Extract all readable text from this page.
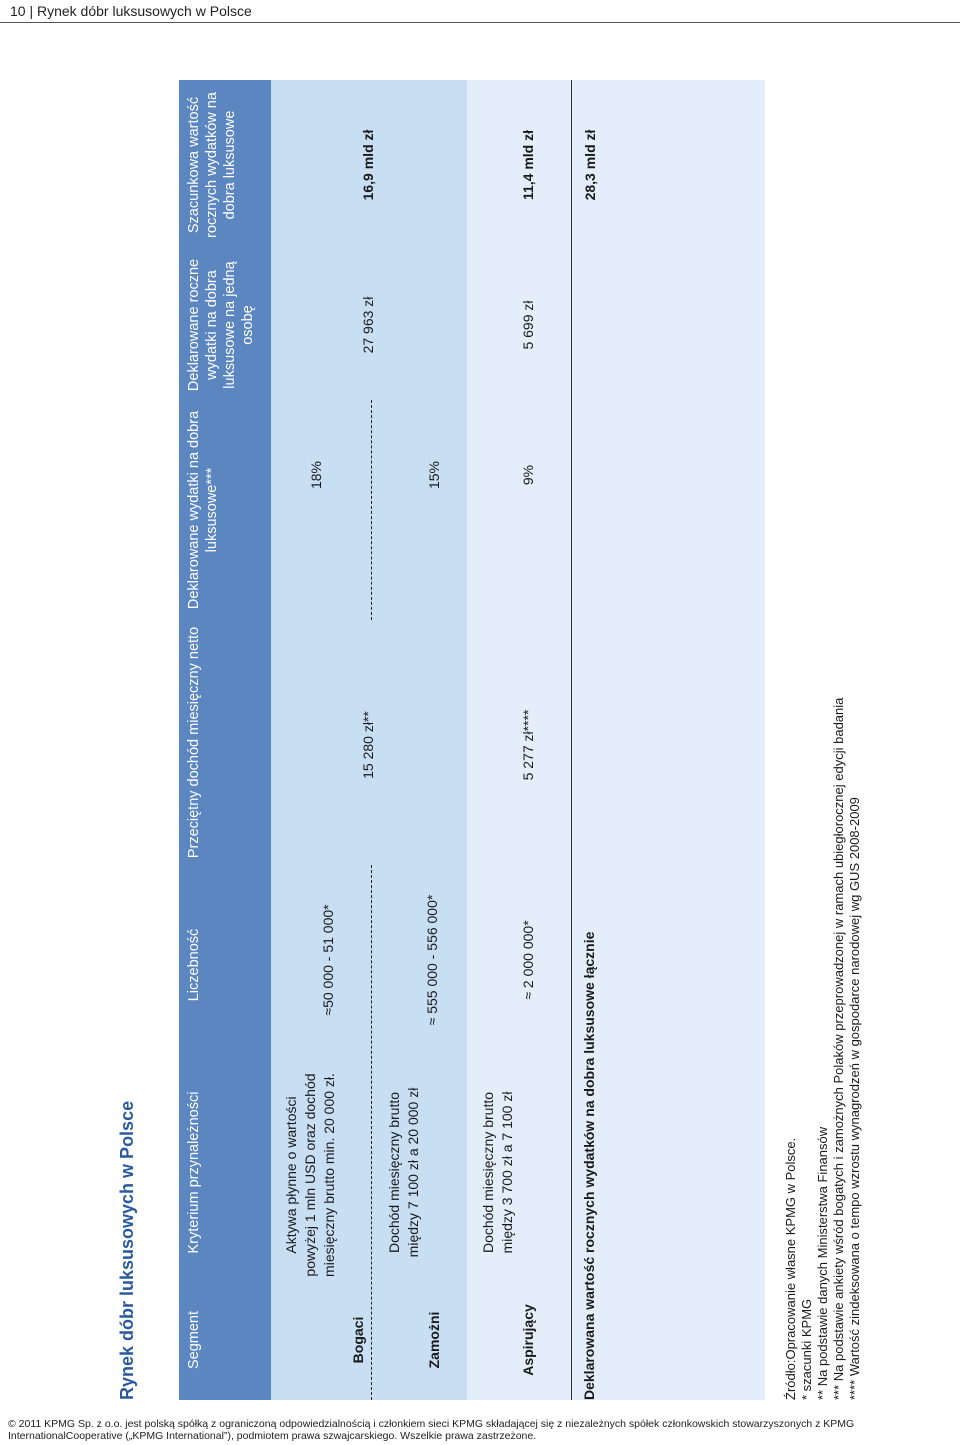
10 | Rynek dóbr luksusowych w Polsce
Rynek dóbr luksusowych w Polsce	Segment
Kryterium przynależności
Liczebność
Przeciętny dochód miesięczny netto
Deklarowane wydatki na dobra luksusowe***
Deklarowane roczne wydatki na dobra luksusowe na jedną osobę
Szacunkowa wartość rocznych wydatków na dobra luksusowe
Bogaci
Aktywa płynne o wartości powyżej 1 mln USD oraz dochód miesięczny brutto min. 20 000 zł.
≈50 000 - 51 000*
18%
15 280 zł**
27 963 zł
16,9 mld zł
Zamożni
Dochód miesięczny brutto między 7 100 zł a 20 000 zł
≈ 555 000 - 556 000*
15%
Aspirujący
Dochód miesięczny brutto między 3 700 zł a 7 100 zł
≈ 2 000 000*
5 277 zł****
9%
5 699 zł
11,4 mld zł
Deklarowana wartość rocznych wydatków na dobra luksusowe łącznie
28,3 mld zł
Źródło:Opracowanie własne KPMG w Polsce. * szacunki KPMG ** Na podstawie danych Ministerstwa Finansów *** Na podstawie ankiety wśród bogatych i zamożnych Polaków przeprowadzonej w ramach ubiegłorocznej edycji badania **** Wartość zindeksowana o tempo wzrostu wynagrodzeń w gospodarce narodowej wg GUS 2008-2009
© 2011 KPMG Sp. z o.o. jest polską spółką z ograniczoną odpowiedzialnością i członkiem sieci KPMG składającej się z niezależnych spółek członkowskich stowarzyszonych z KPMG InternationalCooperative („KPMG International”), podmiotem prawa szwajcarskiego. Wszelkie prawa zastrzeżone.
